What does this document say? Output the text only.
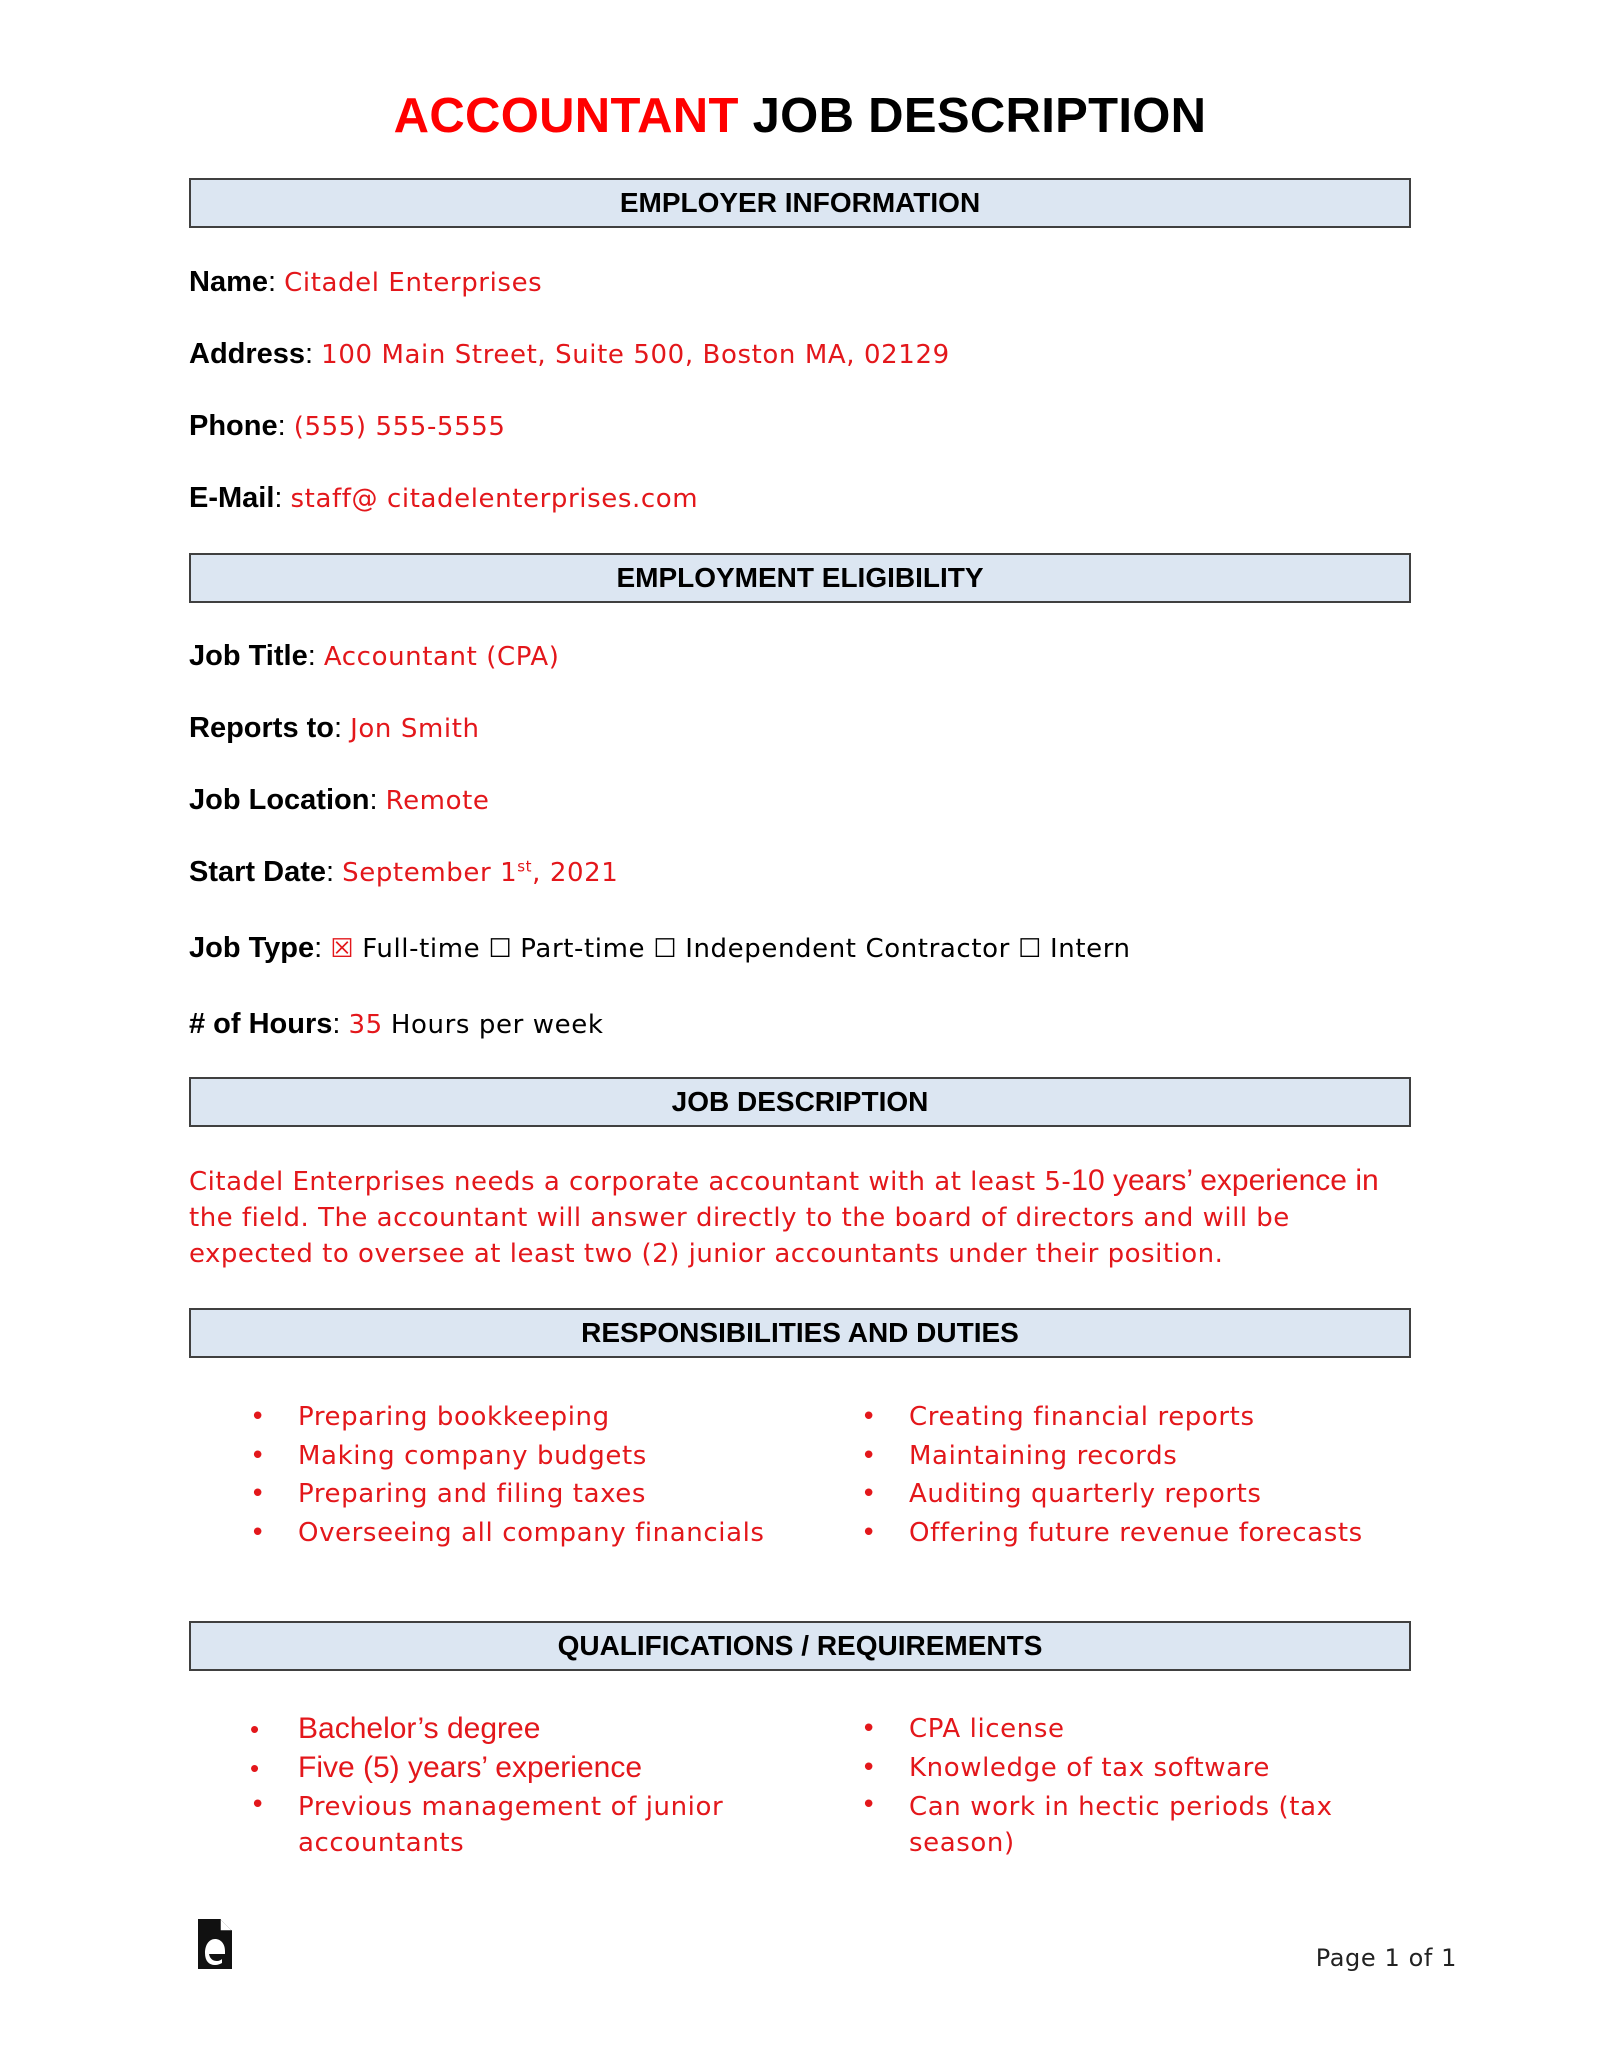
ACCOUNTANT JOB DESCRIPTION
EMPLOYER INFORMATION
Name: Citadel Enterprises
Address: 100 Main Street, Suite 500, Boston MA, 02129
Phone: (555) 555-5555
E-Mail: staff@ citadelenterprises.com
EMPLOYMENT ELIGIBILITY
Job Title: Accountant (CPA)
Reports to: Jon Smith
Job Location: Remote
Start Date: September 1st, 2021
Job Type: ☒ Full-time ☐ Part-time ☐ Independent Contractor ☐ Intern
# of Hours: 35 Hours per week
JOB DESCRIPTION
Citadel Enterprises needs a corporate accountant with at least 5-10 years’ experience in the field. The accountant will answer directly to the board of directors and will be expected to oversee at least two (2) junior accountants under their position.
RESPONSIBILITIES AND DUTIES
• Preparing bookkeeping
• Making company budgets
• Preparing and filing taxes
• Overseeing all company financials
• Creating financial reports
• Maintaining records
• Auditing quarterly reports
• Offering future revenue forecasts
QUALIFICATIONS / REQUIREMENTS
• Bachelor’s degree
• Five (5) years’ experience
• Previous management of junior accountants
• CPA license
• Knowledge of tax software
• Can work in hectic periods (tax season)
Page 1 of 1
